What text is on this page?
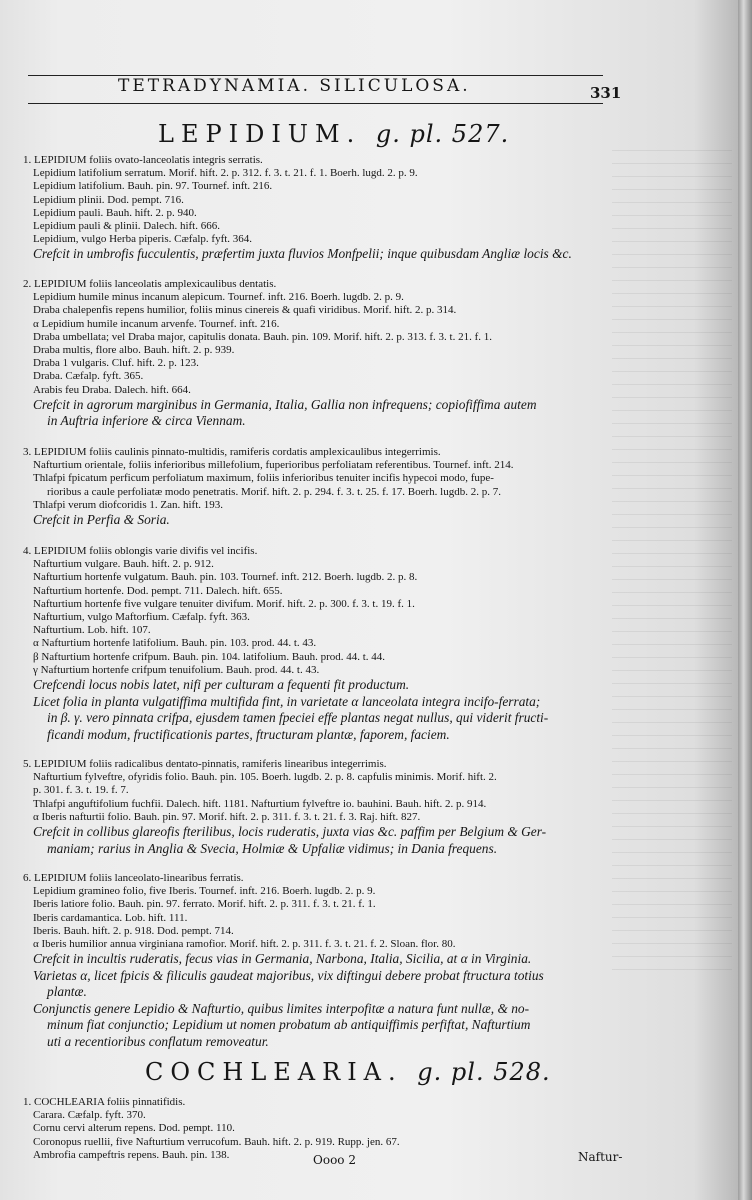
TETRADYNAMIA. SILICULOSA.	331
LEPIDIUM. g. pl. 527.
1. LEPIDIUM foliis ovato-lanceolatis integris serratis.
Lepidium latifolium serratum. Morif. hift. 2. p. 312. f. 3. t. 21. f. 1. Boerh. lugd. 2. p. 9.
Lepidium latifolium. Bauh. pin. 97. Tournef. inft. 216.
Lepidium plinii. Dod. pempt. 716.
Lepidium pauli. Bauh. hift. 2. p. 940.
Lepidium pauli & plinii. Dalech. hift. 666.
Lepidium, vulgo Herba piperis. Cæfalp. fyft. 364.
Crefcit in umbrofis fucculentis, præfertim juxta fluvios Monfpelii; inque quibusdam Angliæ locis &c.
2. LEPIDIUM foliis lanceolatis amplexicaulibus dentatis.
Lepidium humile minus incanum alepicum. Tournef. inft. 216. Boerh. lugdb. 2. p. 9.
Draba chalepenfis repens humilior, foliis minus cinereis & quafi viridibus. Morif. hift. 2. p. 314.
α Lepidium humile incanum arvenfe. Tournef. inft. 216.
Draba umbellata; vel Draba major, capitulis donata. Bauh. pin. 109. Morif. hift. 2. p. 313. f. 3. t. 21. f. 1.
Draba multis, flore albo. Bauh. hift. 2. p. 939.
Draba 1 vulgaris. Cluf. hift. 2. p. 123.
Draba. Cæfalp. fyft. 365.
Arabis feu Draba. Dalech. hift. 664.
Crefcit in agrorum marginibus in Germania, Italia, Gallia non infrequens; copiofiffima autem
in Auftria inferiore & circa Viennam.
3. LEPIDIUM foliis caulinis pinnato-multidis, ramiferis cordatis amplexicaulibus integerrimis.
Nafturtium orientale, foliis inferioribus millefolium, fuperioribus perfoliatam referentibus. Tournef. inft. 214.
Thlafpi fpicatum perficum perfoliatum maximum, foliis inferioribus tenuiter incifis hypecoi modo, fupe-
rioribus a caule perfoliatæ modo penetratis. Morif. hift. 2. p. 294. f. 3. t. 25. f. 17. Boerh. lugdb. 2. p. 7.
Thlafpi verum diofcoridis 1. Zan. hift. 193.
Crefcit in Perfia & Soria.
4. LEPIDIUM foliis oblongis varie divifis vel incifis.
Nafturtium vulgare. Bauh. hift. 2. p. 912.
Nafturtium hortenfe vulgatum. Bauh. pin. 103. Tournef. inft. 212. Boerh. lugdb. 2. p. 8.
Nafturtium hortenfe. Dod. pempt. 711. Dalech. hift. 655.
Nafturtium hortenfe five vulgare tenuiter divifum. Morif. hift. 2. p. 300. f. 3. t. 19. f. 1.
Nafturtium, vulgo Maftorfium. Cæfalp. fyft. 363.
Nafturtium. Lob. hift. 107.
α Nafturtium hortenfe latifolium. Bauh. pin. 103. prod. 44. t. 43.
β Nafturtium hortenfe crifpum. Bauh. pin. 104. latifolium. Bauh. prod. 44. t. 44.
γ Nafturtium hortenfe crifpum tenuifolium. Bauh. prod. 44. t. 43.
Crefcendi locus nobis latet, nifi per culturam a fequenti fit productum.
Licet folia in planta vulgatiffima multifida fint, in varietate α lanceolata integra incifo-ferrata;
in β. γ. vero pinnata crifpa, ejusdem tamen fpeciei effe plantas negat nullus, qui viderit fructi-
ficandi modum, fructificationis partes, ftructuram plantæ, faporem, faciem.
5. LEPIDIUM foliis radicalibus dentato-pinnatis, ramiferis linearibus integerrimis.
Nafturtium fylveftre, ofyridis folio. Bauh. pin. 105. Boerh. lugdb. 2. p. 8. capfulis minimis. Morif. hift. 2.
p. 301. f. 3. t. 19. f. 7.
Thlafpi anguftifolium fuchfii. Dalech. hift. 1181. Nafturtium fylveftre io. bauhini. Bauh. hift. 2. p. 914.
α Iberis nafturtii folio. Bauh. pin. 97. Morif. hift. 2. p. 311. f. 3. t. 21. f. 3. Raj. hift. 827.
Crefcit in collibus glareofis fterilibus, locis ruderatis, juxta vias &c. paffim per Belgium & Ger-
maniam; rarius in Anglia & Svecia, Holmiæ & Upfaliæ vidimus; in Dania frequens.
6. LEPIDIUM foliis lanceolato-linearibus ferratis.
Lepidium gramineo folio, five Iberis. Tournef. inft. 216. Boerh. lugdb. 2. p. 9.
Iberis latiore folio. Bauh. pin. 97. ferrato. Morif. hift. 2. p. 311. f. 3. t. 21. f. 1.
Iberis cardamantica. Lob. hift. 111.
Iberis. Bauh. hift. 2. p. 918. Dod. pempt. 714.
α Iberis humilior annua virginiana ramofior. Morif. hift. 2. p. 311. f. 3. t. 21. f. 2. Sloan. flor. 80.
Crefcit in incultis ruderatis, fecus vias in Germania, Narbona, Italia, Sicilia, at α in Virginia.
Varietas α, licet fpicis & filiculis gaudeat majoribus, vix diftingui debere probat ftructura totius
plantæ.
Conjunctis genere Lepidio & Nafturtio, quibus limites interpofitæ a natura funt nullæ, & no-
minum fiat conjunctio; Lepidium ut nomen probatum ab antiquiffimis perfiftat, Nafturtium
uti a recentioribus conflatum removeatur.
COCHLEARIA. g. pl. 528.
1. COCHLEARIA foliis pinnatifidis.
Carara. Cæfalp. fyft. 370.
Cornu cervi alterum repens. Dod. pempt. 110.
Coronopus ruellii, five Nafturtium verrucofum. Bauh. hift. 2. p. 919. Rupp. jen. 67.
Ambrofia campeftris repens. Bauh. pin. 138.	Oooo 2	Naftur-
